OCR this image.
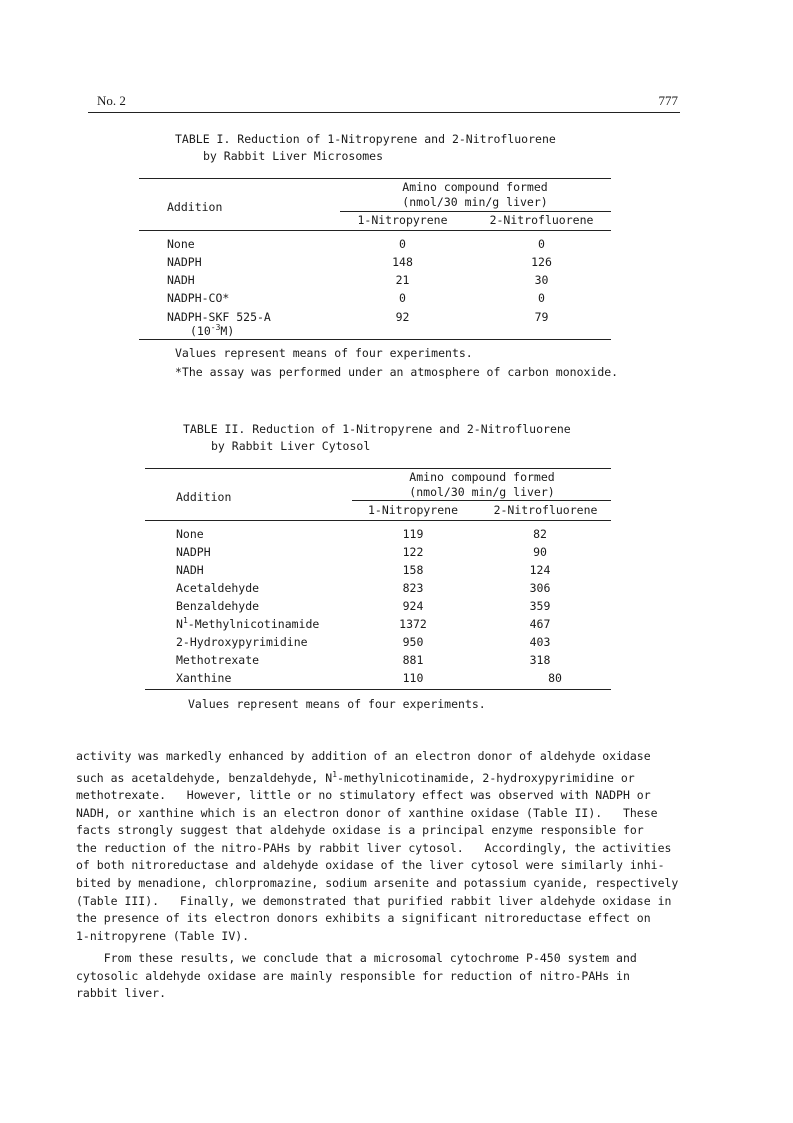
No. 2	777
TABLE I. Reduction of 1-Nitropyrene and 2-Nitrofluorene
by Rabbit Liver Microsomes
Addition
Amino compound formed
(nmol/30 min/g liver)
1-Nitropyrene	2-Nitrofluorene
None	0	0
NADPH	148	126
NADH	21	30
NADPH-CO*	0	0
NADPH-SKF 525-A	92	79
$(10^{-3}M)$
Values represent means of four experiments.
*The assay was performed under an atmosphere of carbon monoxide.
TABLE II. Reduction of 1-Nitropyrene and 2-Nitrofluorene
by Rabbit Liver Cytosol
Addition
Amino compound formed
(nmol/30 min/g liver)
1-Nitropyrene	2-Nitrofluorene
None	119	82
NADPH	122	90
NADH	158	124
Acetaldehyde	823	306
Benzaldehyde	924	359
$N^1$-Methylnicotinamide	1372	467
2-Hydroxypyrimidine	950	403
Methotrexate	881	318
Xanthine	110	80
Values represent means of four experiments.

activity was markedly enhanced by addition of an electron donor of aldehyde oxidase

such as acetaldehyde, benzaldehyde, $N^1$-methylnicotinamide, 2-hydroxypyrimidine or

methotrexate.   However, little or no stimulatory effect was observed with NADPH or

NADH, or xanthine which is an electron donor of xanthine oxidase (Table II).   These

facts strongly suggest that aldehyde oxidase is a principal enzyme responsible for

the reduction of the nitro-PAHs by rabbit liver cytosol.   Accordingly, the activities

of both nitroreductase and aldehyde oxidase of the liver cytosol were similarly inhi-

bited by menadione, chlorpromazine, sodium arsenite and potassium cyanide, respectively

(Table III).   Finally, we demonstrated that purified rabbit liver aldehyde oxidase in

the presence of its electron donors exhibits a significant nitroreductase effect on

1-nitropyrene (Table IV).

From these results, we conclude that a microsomal cytochrome P-450 system and

cytosolic aldehyde oxidase are mainly responsible for reduction of nitro-PAHs in

rabbit liver.
